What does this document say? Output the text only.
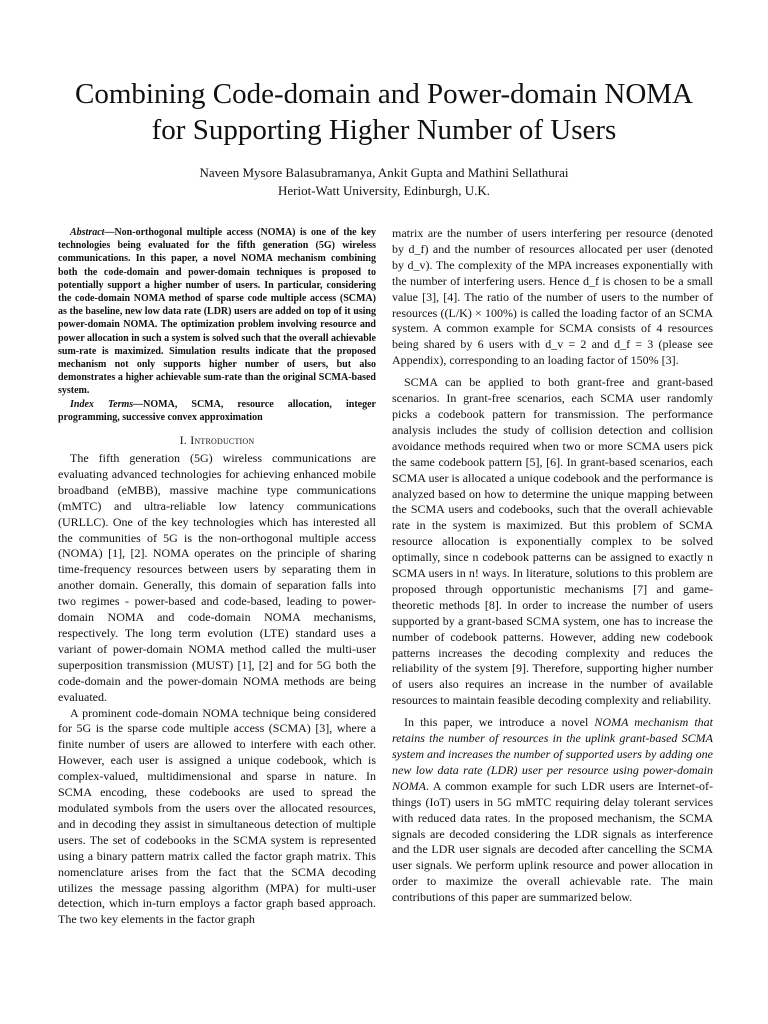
Combining Code-domain and Power-domain NOMA
for Supporting Higher Number of Users
Naveen Mysore Balasubramanya, Ankit Gupta and Mathini Sellathurai
Heriot-Watt University, Edinburgh, U.K.

Abstract—Non-orthogonal multiple access (NOMA) is one of the key technologies being evaluated for the fifth generation (5G) wireless communications. In this paper, a novel NOMA mechanism combining both the code-domain and power-domain techniques is proposed to potentially support a higher number of users. In particular, considering the code-domain NOMA method of sparse code multiple access (SCMA) as the baseline, new low data rate (LDR) users are added on top of it using power-domain NOMA. The optimization problem involving resource and power allocation in such a system is solved such that the overall achievable sum-rate is maximized. Simulation results indicate that the proposed mechanism not only supports higher number of users, but also demonstrates a higher achievable sum-rate than the original SCMA-based system.

Index Terms—NOMA, SCMA, resource allocation, integer programming, successive convex approximation

I. Introduction

The fifth generation (5G) wireless communications are evaluating advanced technologies for achieving enhanced mobile broadband (eMBB), massive machine type communications (mMTC) and ultra-reliable low latency communications (URLLC). One of the key technologies which has interested all the communities of 5G is the non-orthogonal multiple access (NOMA) [1], [2]. NOMA operates on the principle of sharing time-frequency resources between users by separating them in another domain. Generally, this domain of separation falls into two regimes - power-based and code-based, leading to power-domain NOMA and code-domain NOMA mechanisms, respectively. The long term evolution (LTE) standard uses a variant of power-domain NOMA method called the multi-user superposition transmission (MUST) [1], [2] and for 5G both the code-domain and the power-domain NOMA methods are being evaluated.

A prominent code-domain NOMA technique being considered for 5G is the sparse code multiple access (SCMA) [3], where a finite number of users are allowed to interfere with each other. However, each user is assigned a unique codebook, which is complex-valued, multidimensional and sparse in nature. In SCMA encoding, these codebooks are used to spread the modulated symbols from the users over the allocated resources, and in decoding they assist in simultaneous detection of multiple users. The set of codebooks in the SCMA system is represented using a binary pattern matrix called the factor graph matrix. This nomenclature arises from the fact that the SCMA decoding utilizes the message passing algorithm (MPA) for multi-user detection, which in-turn employs a factor graph based approach. The two key elements in the factor graph

matrix are the number of users interfering per resource (denoted by d_f) and the number of resources allocated per user (denoted by d_v). The complexity of the MPA increases exponentially with the number of interfering users. Hence d_f is chosen to be a small value [3], [4]. The ratio of the number of users to the number of resources ((L/K) × 100%) is called the loading factor of an SCMA system. A common example for SCMA consists of 4 resources being shared by 6 users with d_v = 2 and d_f = 3 (please see Appendix), corresponding to an loading factor of 150% [3].

SCMA can be applied to both grant-free and grant-based scenarios. In grant-free scenarios, each SCMA user randomly picks a codebook pattern for transmission. The performance analysis includes the study of collision detection and collision avoidance methods required when two or more SCMA users pick the same codebook pattern [5], [6]. In grant-based scenarios, each SCMA user is allocated a unique codebook and the performance is analyzed based on how to determine the unique mapping between the SCMA users and codebooks, such that the overall achievable rate in the system is maximized. But this problem of SCMA resource allocation is exponentially complex to be solved optimally, since n codebook patterns can be assigned to exactly n SCMA users in n! ways. In literature, solutions to this problem are proposed through opportunistic mechanisms [7] and game-theoretic methods [8]. In order to increase the number of users supported by a grant-based SCMA system, one has to increase the number of codebook patterns. However, adding new codebook patterns increases the decoding complexity and reduces the reliability of the system [9]. Therefore, supporting higher number of users also requires an increase in the number of available resources to maintain feasible decoding complexity and reliability.

In this paper, we introduce a novel NOMA mechanism that retains the number of resources in the uplink grant-based SCMA system and increases the number of supported users by adding one new low data rate (LDR) user per resource using power-domain NOMA. A common example for such LDR users are Internet-of-things (IoT) users in 5G mMTC requiring delay tolerant services with reduced data rates. In the proposed mechanism, the SCMA signals are decoded considering the LDR signals as interference and the LDR user signals are decoded after cancelling the SCMA user signals. We perform uplink resource and power allocation in order to maximize the overall achievable rate. The main contributions of this paper are summarized below.
